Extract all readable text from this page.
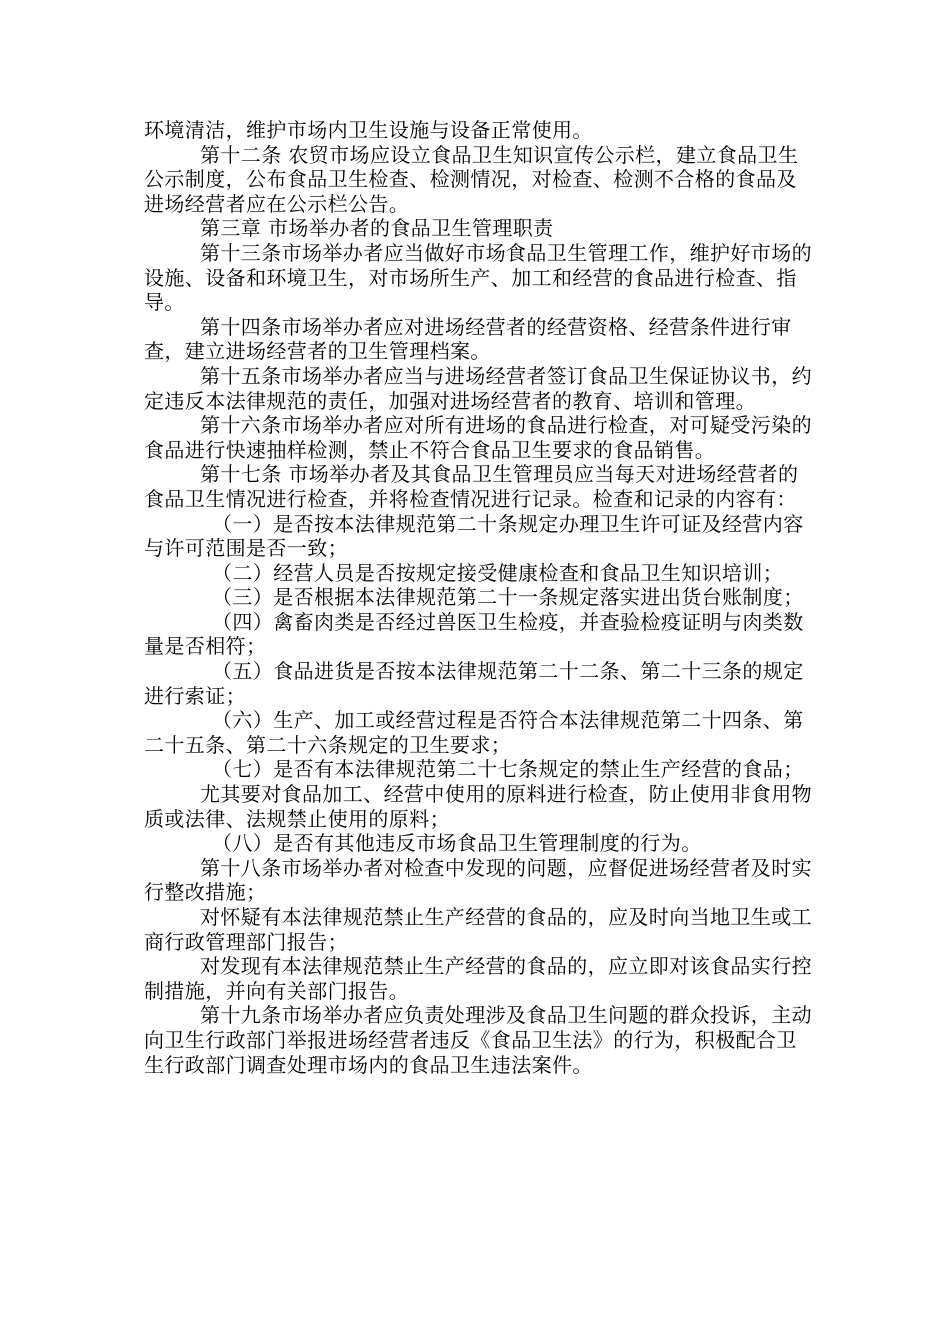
环境清洁，维护市场内卫生设施与设备正常使用。

第十二条 农贸市场应设立食品卫生知识宣传公示栏，建立食品卫生公示制度，公布食品卫生检查、检测情况，对检查、检测不合格的食品及进场经营者应在公示栏公告。

第三章 市场举办者的食品卫生管理职责

第十三条市场举办者应当做好市场食品卫生管理工作，维护好市场的设施、设备和环境卫生，对市场所生产、加工和经营的食品进行检查、指导。

第十四条市场举办者应对进场经营者的经营资格、经营条件进行审查，建立进场经营者的卫生管理档案。

第十五条市场举办者应当与进场经营者签订食品卫生保证协议书，约定违反本法律规范的责任，加强对进场经营者的教育、培训和管理。

第十六条市场举办者应对所有进场的食品进行检查，对可疑受污染的食品进行快速抽样检测，禁止不符合食品卫生要求的食品销售。

第十七条 市场举办者及其食品卫生管理员应当每天对进场经营者的食品卫生情况进行检查，并将检查情况进行记录。检查和记录的内容有：

（一）是否按本法律规范第二十条规定办理卫生许可证及经营内容与许可范围是否一致；

（二）经营人员是否按规定接受健康检查和食品卫生知识培训；

（三）是否根据本法律规范第二十一条规定落实进出货台账制度；

（四）禽畜肉类是否经过兽医卫生检疫，并查验检疫证明与肉类数量是否相符；

（五）食品进货是否按本法律规范第二十二条、第二十三条的规定进行索证；

（六）生产、加工或经营过程是否符合本法律规范第二十四条、第二十五条、第二十六条规定的卫生要求；

（七）是否有本法律规范第二十七条规定的禁止生产经营的食品；

尤其要对食品加工、经营中使用的原料进行检查，防止使用非食用物质或法律、法规禁止使用的原料；

（八）是否有其他违反市场食品卫生管理制度的行为。

第十八条市场举办者对检查中发现的问题，应督促进场经营者及时实行整改措施；

对怀疑有本法律规范禁止生产经营的食品的，应及时向当地卫生或工商行政管理部门报告；

对发现有本法律规范禁止生产经营的食品的，应立即对该食品实行控制措施，并向有关部门报告。

第十九条市场举办者应负责处理涉及食品卫生问题的群众投诉，主动向卫生行政部门举报进场经营者违反《食品卫生法》的行为，积极配合卫生行政部门调查处理市场内的食品卫生违法案件。
